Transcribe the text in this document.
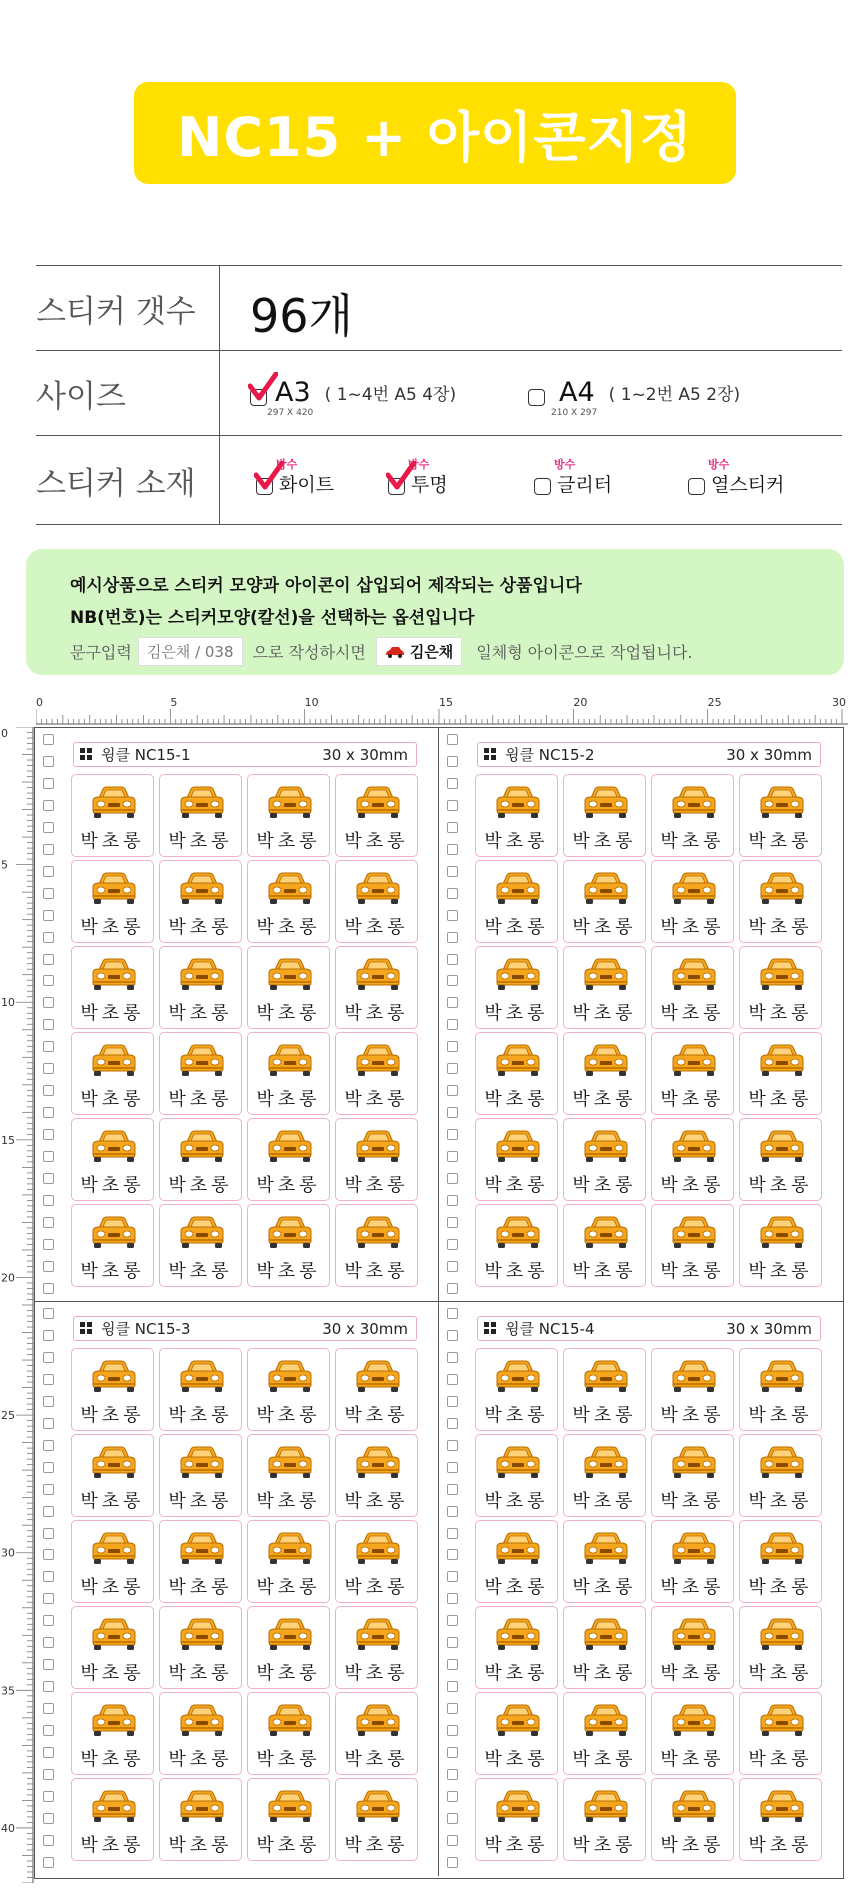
NC15 + 아이콘지정
스티커 갯수	96개
사이즈	A3
297 X 420
( 1~4번 A5 4장)	A4
210 X 297
( 1~2번 A5 2장)
스티커 소재
방수
화이트
방수
투명
방수
글리터
방수
열스티커
예시상품으로 스티커 모양과 아이콘이 삽입되어 제작되는 상품입니다
NB(번호)는 스티커모양(칼선)을 선택하는 옵션입니다
문구입력	김은채 / 038	으로 작성하시면	김은채 일체형 아이콘으로 작업됩니다.
0	5	10	15	20	25	30
0
5
10
15
20
25
30
35
40
윙클 NC15-1	30 x 30mm
박초롱	박초롱	박초롱	박초롱
박초롱	박초롱	박초롱	박초롱
박초롱	박초롱	박초롱	박초롱
박초롱	박초롱	박초롱	박초롱
박초롱	박초롱	박초롱	박초롱
박초롱	박초롱	박초롱	박초롱
윙클 NC15-2	30 x 30mm
박초롱	박초롱	박초롱	박초롱
박초롱	박초롱	박초롱	박초롱
박초롱	박초롱	박초롱	박초롱
박초롱	박초롱	박초롱	박초롱
박초롱	박초롱	박초롱	박초롱
박초롱	박초롱	박초롱	박초롱
윙클 NC15-3	30 x 30mm
박초롱	박초롱	박초롱	박초롱
박초롱	박초롱	박초롱	박초롱
박초롱	박초롱	박초롱	박초롱
박초롱	박초롱	박초롱	박초롱
박초롱	박초롱	박초롱	박초롱
박초롱	박초롱	박초롱	박초롱
윙클 NC15-4	30 x 30mm
박초롱	박초롱	박초롱	박초롱
박초롱	박초롱	박초롱	박초롱
박초롱	박초롱	박초롱	박초롱
박초롱	박초롱	박초롱	박초롱
박초롱	박초롱	박초롱	박초롱
박초롱	박초롱	박초롱	박초롱
